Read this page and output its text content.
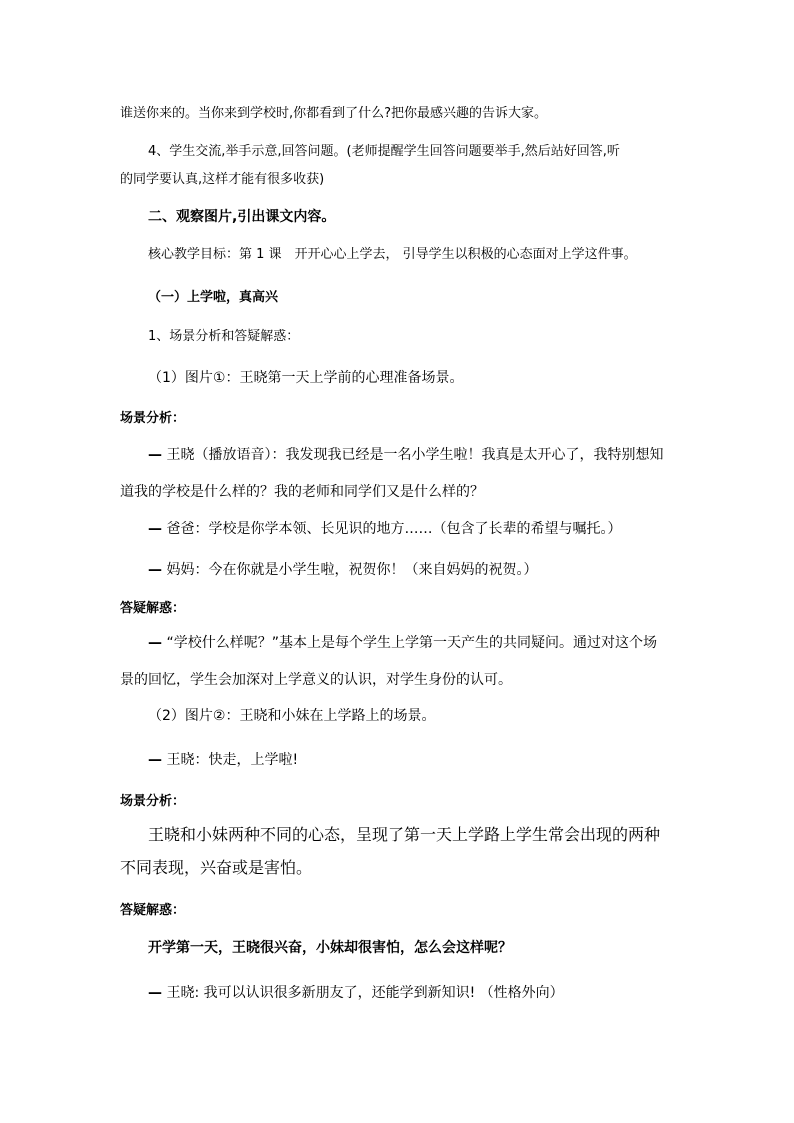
谁送你来的。当你来到学校时,你都看到了什么?把你最感兴趣的告诉大家。
4、学生交流,举手示意,回答问题。(老师提醒学生回答问题要举手,然后站好回答,听
的同学要认真,这样才能有很多收获)
二、观察图片,引出课文内容。
核心教学目标：第 1 课　开开心心上学去， 引导学生以积极的心态面对上学这件事。
（一）上学啦，真高兴
1、场景分析和答疑解惑：
（1）图片①：王晓第一天上学前的心理准备场景。
场景分析：
— 王晓（播放语音）：我发现我已经是一名小学生啦！我真是太开心了，我特别想知
道我的学校是什么样的？我的老师和同学们又是什么样的？
— 爸爸：学校是你学本领、长见识的地方……（包含了长辈的希望与嘱托。）
— 妈妈：今在你就是小学生啦，祝贺你！（来自妈妈的祝贺。）
答疑解惑：
— “学校什么样呢？”基本上是每个学生上学第一天产生的共同疑问。通过对这个场
景的回忆，学生会加深对上学意义的认识，对学生身份的认可。
（2）图片②：王晓和小妹在上学路上的场景。
— 王晓：快走，上学啦!
场景分析：
王晓和小妹两种不同的心态，呈现了第一天上学路上学生常会出现的两种
不同表现，兴奋或是害怕。
答疑解惑：
开学第一天，王晓很兴奋，小妹却很害怕，怎么会这样呢？
— 王晓: 我可以认识很多新朋友了，还能学到新知识! （性格外向）
